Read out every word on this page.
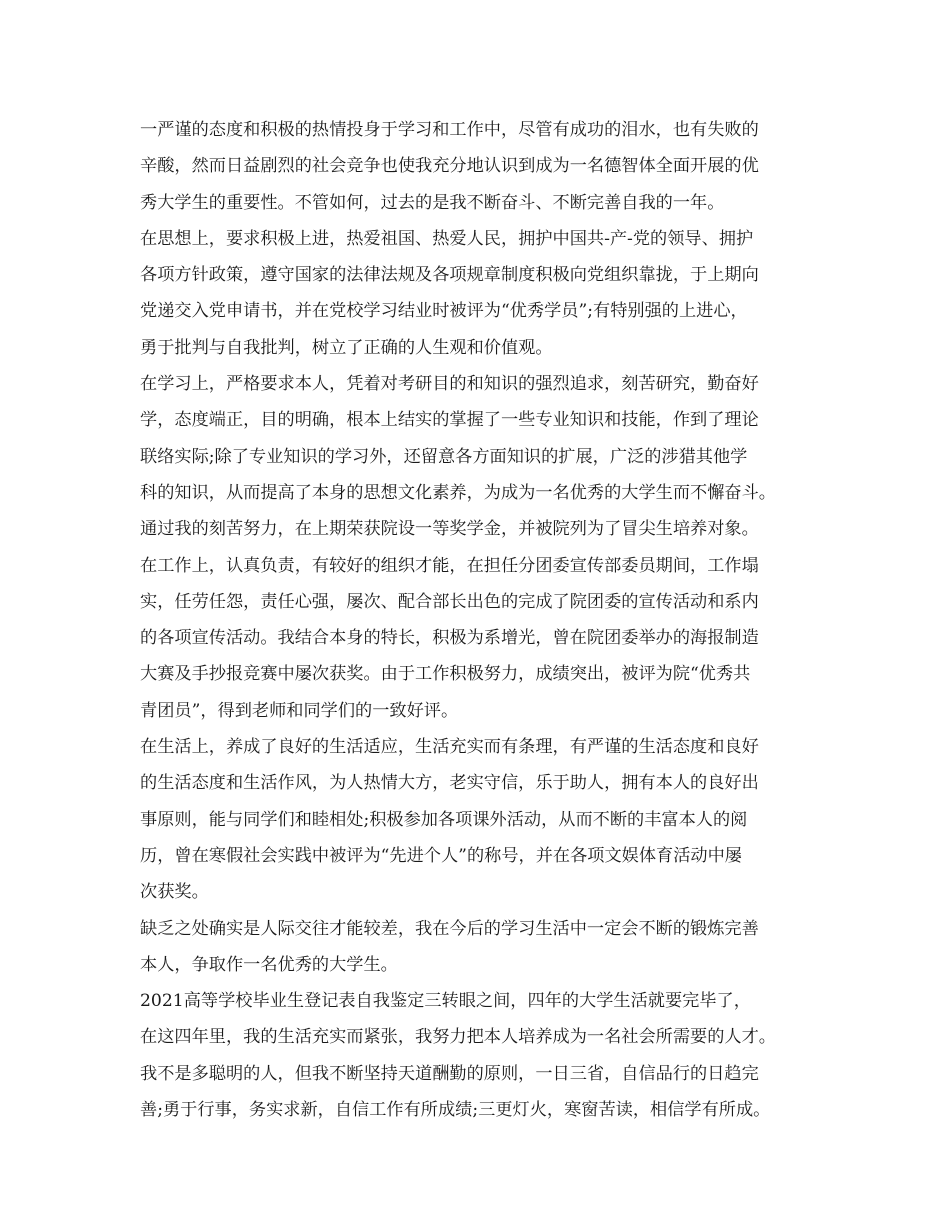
一严谨的态度和积极的热情投身于学习和工作中，尽管有成功的泪水，也有失败的
辛酸，然而日益剧烈的社会竞争也使我充分地认识到成为一名德智体全面开展的优
秀大学生的重要性。不管如何，过去的是我不断奋斗、不断完善自我的一年。
在思想上，要求积极上进，热爱祖国、热爱人民，拥护中国共-产-党的领导、拥护
各项方针政策，遵守国家的法律法规及各项规章制度积极向党组织靠拢，于上期向
党递交入党申请书，并在党校学习结业时被评为“优秀学员”;有特别强的上进心，
勇于批判与自我批判，树立了正确的人生观和价值观。
在学习上，严格要求本人，凭着对考研目的和知识的强烈追求，刻苦研究，勤奋好
学，态度端正，目的明确，根本上结实的掌握了一些专业知识和技能，作到了理论
联络实际;除了专业知识的学习外，还留意各方面知识的扩展，广泛的涉猎其他学
科的知识，从而提高了本身的思想文化素养，为成为一名优秀的大学生而不懈奋斗。
通过我的刻苦努力，在上期荣获院设一等奖学金，并被院列为了冒尖生培养对象。
在工作上，认真负责，有较好的组织才能，在担任分团委宣传部委员期间，工作塌
实，任劳任怨，责任心强，屡次、配合部长出色的完成了院团委的宣传活动和系内
的各项宣传活动。我结合本身的特长，积极为系增光，曾在院团委举办的海报制造
大赛及手抄报竞赛中屡次获奖。由于工作积极努力，成绩突出，被评为院“优秀共
青团员”，得到老师和同学们的一致好评。
在生活上，养成了良好的生活适应，生活充实而有条理，有严谨的生活态度和良好
的生活态度和生活作风，为人热情大方，老实守信，乐于助人，拥有本人的良好出
事原则，能与同学们和睦相处;积极参加各项课外活动，从而不断的丰富本人的阅
历，曾在寒假社会实践中被评为“先进个人”的称号，并在各项文娱体育活动中屡
次获奖。
缺乏之处确实是人际交往才能较差，我在今后的学习生活中一定会不断的锻炼完善
本人，争取作一名优秀的大学生。
2021高等学校毕业生登记表自我鉴定三转眼之间，四年的大学生活就要完毕了，
在这四年里，我的生活充实而紧张，我努力把本人培养成为一名社会所需要的人才。
我不是多聪明的人，但我不断坚持天道酬勤的原则，一日三省，自信品行的日趋完
善;勇于行事，务实求新，自信工作有所成绩;三更灯火，寒窗苦读，相信学有所成。
